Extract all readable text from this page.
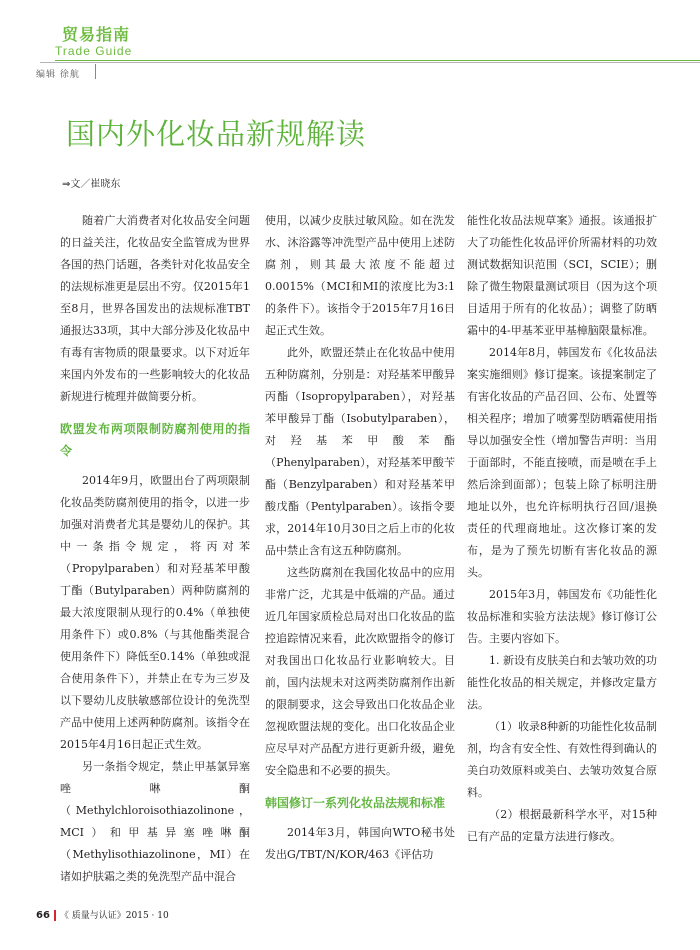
贸易指南
Trade Guide
编辑 徐航
国内外化妆品新规解读
⇒文／崔晓东

随着广大消费者对化妆品安全问题的日益关注，化妆品安全监管成为世界各国的热门话题，各类针对化妆品安全的法规标准更是层出不穷。仅2015年1至8月，世界各国发出的法规标准TBT通报达33项，其中大部分涉及化妆品中有毒有害物质的限量要求。以下对近年来国内外发布的一些影响较大的化妆品新规进行梳理并做简要分析。

欧盟发布两项限制防腐剂使用的指令

2014年9月，欧盟出台了两项限制化妆品类防腐剂使用的指令，以进一步加强对消费者尤其是婴幼儿的保护。其中一条指令规定，将丙对苯（Propylparaben）和对羟基苯甲酸丁酯（Butylparaben）两种防腐剂的最大浓度限制从现行的0.4%（单独使用条件下）或0.8%（与其他酯类混合使用条件下）降低至0.14%（单独或混合使用条件下），并禁止在专为三岁及以下婴幼儿皮肤敏感部位设计的免洗型产品中使用上述两种防腐剂。该指令在2015年4月16日起正式生效。

另一条指令规定，禁止甲基氯异塞唑啉酮（Methylchloroisothiazolinone，MCI）和甲基异塞唑啉酮（Methylisothiazolinone，MI）在诸如护肤霜之类的免洗型产品中混合

使用，以减少皮肤过敏风险。如在洗发水、沐浴露等冲洗型产品中使用上述防腐剂，则其最大浓度不能超过0.0015%（MCI和MI的浓度比为3:1的条件下）。该指令于2015年7月16日起正式生效。

此外，欧盟还禁止在化妆品中使用五种防腐剂，分别是：对羟基苯甲酸异丙酯（Isopropylparaben），对羟基苯甲酸异丁酯（Isobutylparaben），对羟基苯甲酸苯酯（Phenylparaben），对羟基苯甲酸苄酯（Benzylparaben）和对羟基苯甲酸戊酯（Pentylparaben）。该指令要求，2014年10月30日之后上市的化妆品中禁止含有这五种防腐剂。

这些防腐剂在我国化妆品中的应用非常广泛，尤其是中低端的产品。通过近几年国家质检总局对出口化妆品的监控追踪情况来看，此次欧盟指令的修订对我国出口化妆品行业影响较大。目前，国内法规未对这两类防腐剂作出新的限制要求，这会导致出口化妆品企业忽视欧盟法规的变化。出口化妆品企业应尽早对产品配方进行更新升级，避免安全隐患和不必要的损失。

韩国修订一系列化妆品法规和标准

2014年3月，韩国向WTO秘书处发出G/TBT/N/KOR/463《评估功

能性化妆品法规草案》通报。该通报扩大了功能性化妆品评价所需材料的功效测试数据知识范围（SCI，SCIE）；删除了微生物限量测试项目（因为这个项目适用于所有的化妆品）；调整了防晒霜中的4-甲基苯亚甲基樟脑限量标准。

2014年8月，韩国发布《化妆品法案实施细则》修订提案。该提案制定了有害化妆品的产品召回、公布、处置等相关程序；增加了喷雾型防晒霜使用指导以加强安全性（增加警告声明：当用于面部时，不能直接喷，而是喷在手上然后涂到面部）；包装上除了标明注册地址以外，也允许标明执行召回/退换责任的代理商地址。这次修订案的发布，是为了预先切断有害化妆品的源头。

2015年3月，韩国发布《功能性化妆品标准和实验方法法规》修订修订公告。主要内容如下。

1. 新设有皮肤美白和去皱功效的功能性化妆品的相关规定，并修改定量方法。

（1）收录8种新的功能性化妆品制剂，均含有安全性、有效性得到确认的美白功效原料或美白、去皱功效复合原料。

（2）根据最新科学水平，对15种已有产品的定量方法进行修改。

66 《 质量与认证》2015 · 10
